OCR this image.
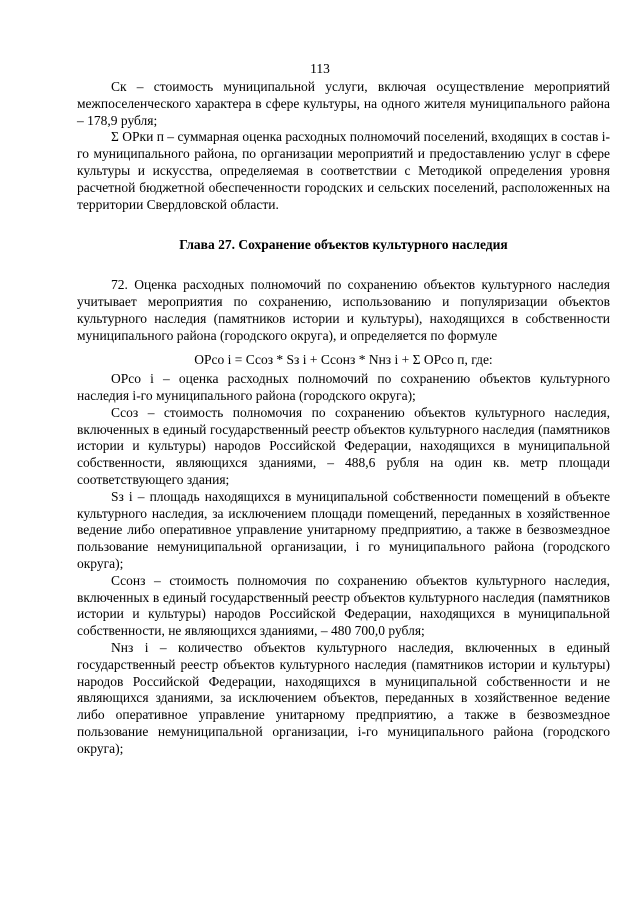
113

Ск – стоимость муниципальной услуги, включая осуществление мероприятий межпоселенческого характера в сфере культуры, на одного жителя муниципального района – 178,9 рубля;

Σ ОРки п – суммарная оценка расходных полномочий поселений, входящих в состав i-го муниципального района, по организации мероприятий и предоставлению услуг в сфере культуры и искусства, определяемая в соответствии с Методикой определения уровня расчетной бюджетной обеспеченности городских и сельских поселений, расположенных на территории Свердловской области.

Глава 27. Сохранение объектов культурного наследия

72. Оценка расходных полномочий по сохранению объектов культурного наследия учитывает мероприятия по сохранению, использованию и популяризации объектов культурного наследия (памятников истории и культуры), находящихся в собственности муниципального района (городского округа), и определяется по формуле

ОРсо i = Ссоз * Sз i + Ссонз * Nнз i + Σ ОРсо п, где:

ОРсо i – оценка расходных полномочий по сохранению объектов культурного наследия i-го муниципального района (городского округа);

Ссоз – стоимость полномочия по сохранению объектов культурного наследия, включенных в единый государственный реестр объектов культурного наследия (памятников истории и культуры) народов Российской Федерации, находящихся в муниципальной собственности, являющихся зданиями, – 488,6 рубля на один кв. метр площади соответствующего здания;

Sз i – площадь находящихся в муниципальной собственности помещений в объекте культурного наследия, за исключением площади помещений, переданных в хозяйственное ведение либо оперативное управление унитарному предприятию, а также в безвозмездное пользование немуниципальной организации, i го муниципального района (городского округа);

Ссонз – стоимость полномочия по сохранению объектов культурного наследия, включенных в единый государственный реестр объектов культурного наследия (памятников истории и культуры) народов Российской Федерации, находящихся в муниципальной собственности, не являющихся зданиями, – 480 700,0 рубля;

Nнз i – количество объектов культурного наследия, включенных в единый государственный реестр объектов культурного наследия (памятников истории и культуры) народов Российской Федерации, находящихся в муниципальной собственности и не являющихся зданиями, за исключением объектов, переданных в хозяйственное ведение либо оперативное управление унитарному предприятию, а также в безвозмездное пользование немуниципальной организации, i-го муниципального района (городского округа);
